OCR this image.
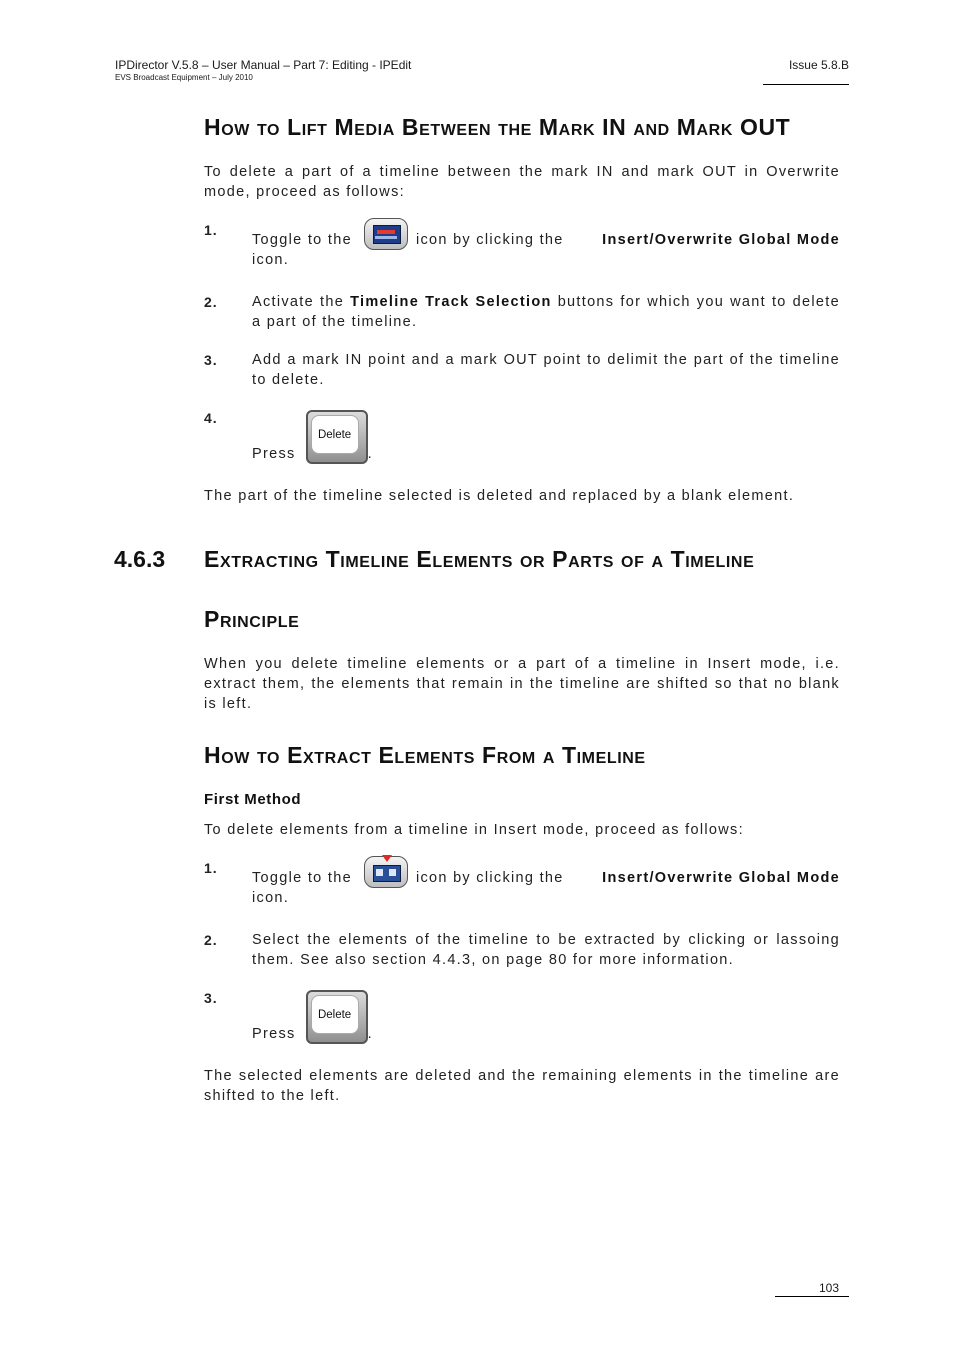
IPDirector V.5.8 – User Manual – Part 7: Editing - IPEdit
EVS Broadcast Equipment – July 2010
Issue 5.8.B
How to Lift Media Between the Mark IN and Mark OUT
To delete a part of a timeline between the mark IN and mark OUT in Overwrite mode, proceed as follows:
1.
Toggle to the	icon by clicking the	Insert/Overwrite Global Mode
icon.
2. Activate the Timeline Track Selection buttons for which you want to delete a part of the timeline.
3. Add a mark IN point and a mark OUT point to delimit the part of the timeline to delete.
4.
Press
Delete
.
The part of the timeline selected is deleted and replaced by a blank element.
4.6.3 Extracting Timeline Elements or Parts of a Timeline
Principle
When you delete timeline elements or a part of a timeline in Insert mode, i.e. extract them, the elements that remain in the timeline are shifted so that no blank is left.
How to Extract Elements From a Timeline
First Method
To delete elements from a timeline in Insert mode, proceed as follows:
1.
Toggle to the	icon by clicking the	Insert/Overwrite Global Mode
icon.
2. Select the elements of the timeline to be extracted by clicking or lassoing them. See also section 4.4.3, on page 80 for more information.
3.
Press
Delete
.
The selected elements are deleted and the remaining elements in the timeline are shifted to the left.
103
